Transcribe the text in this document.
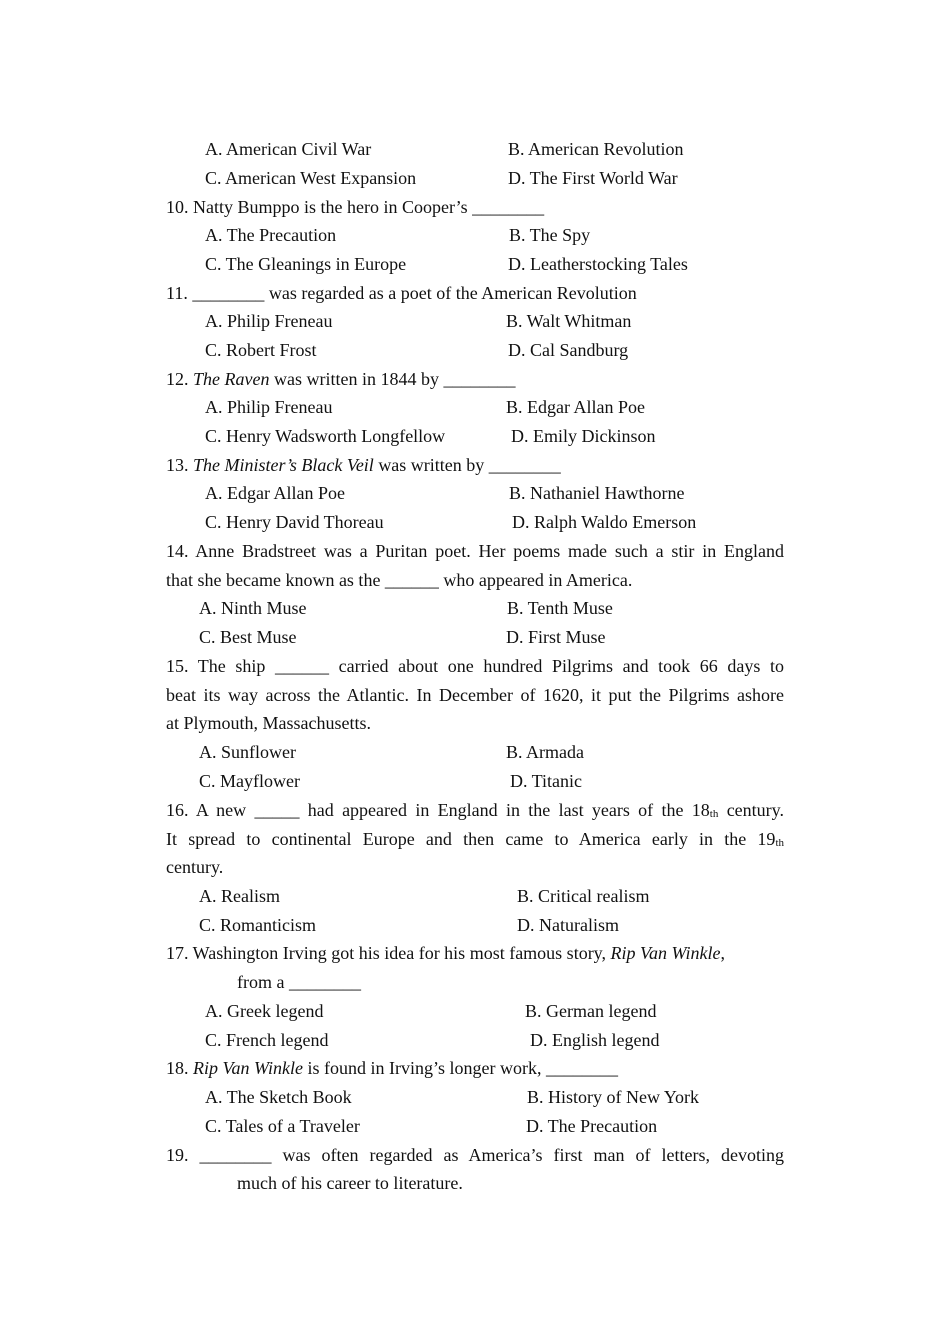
A. American Civil War	B. American Revolution
C. American West Expansion	D. The First World War
10. Natty Bumppo is the hero in Cooper’s ________
A. The Precaution	B. The Spy
C. The Gleanings in Europe	D. Leatherstocking Tales
11. ________ was regarded as a poet of the American Revolution
A. Philip Freneau	B. Walt Whitman
C. Robert Frost	D. Cal Sandburg
12. The Raven was written in 1844 by ________
A. Philip Freneau	B. Edgar Allan Poe
C. Henry Wadsworth Longfellow	D. Emily Dickinson
13. The Minister’s Black Veil was written by ________
A. Edgar Allan Poe	B. Nathaniel Hawthorne
C. Henry David Thoreau	D. Ralph Waldo Emerson
14. Anne Bradstreet was a Puritan poet. Her poems made such a stir in England
that she became known as the ______ who appeared in America.
A. Ninth Muse	B. Tenth Muse
C. Best Muse	D. First Muse
15. The ship ______ carried about one hundred Pilgrims and took 66 days to
beat its way across the Atlantic. In December of 1620, it put the Pilgrims ashore
at Plymouth, Massachusetts.
A. Sunflower	B. Armada
C. Mayflower	D. Titanic
16. A new _____ had appeared in England in the last years of the 18th century.
It spread to continental Europe and then came to America early in the 19th
century.
A. Realism	B. Critical realism
C. Romanticism	D. Naturalism
17. Washington Irving got his idea for his most famous story, Rip Van Winkle,
from a ________
A. Greek legend	B. German legend
C. French legend	D. English legend
18. Rip Van Winkle is found in Irving’s longer work, ________
A. The Sketch Book	B. History of New York
C. Tales of a Traveler	D. The Precaution
19. ________ was often regarded as America’s first man of letters, devoting
much of his career to literature.
